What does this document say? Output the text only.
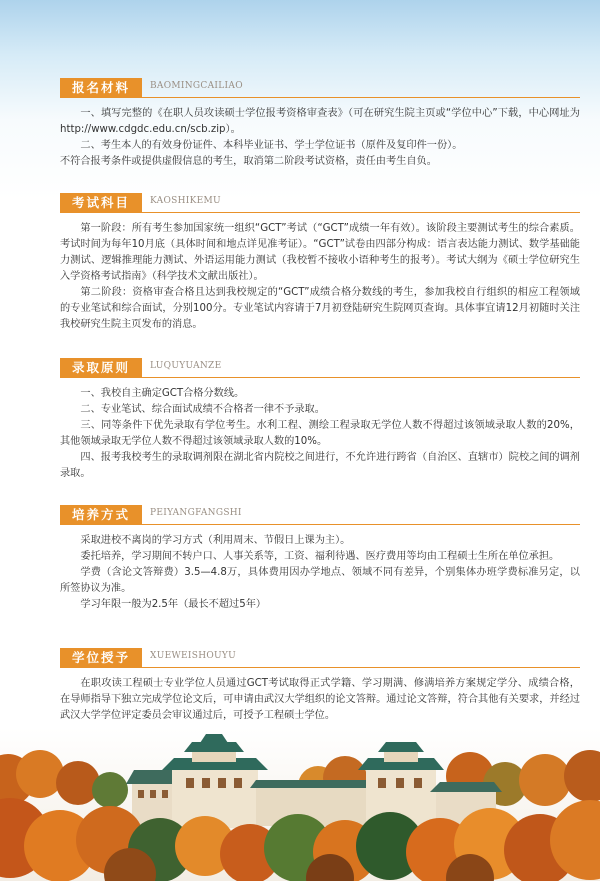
报名材料	BAOMINGCAILIAO

一、填写完整的《在职人员攻读硕士学位报考资格审查表》（可在研究生院主页或“学位中心”下载，中心网址为http://www.cdgdc.edu.cn/scb.zip）。

二、考生本人的有效身份证件、本科毕业证书、学士学位证书（原件及复印件一份）。

不符合报考条件或提供虚假信息的考生，取消第二阶段考试资格，责任由考生自负。

考试科目	KAOSHIKEMU

第一阶段：所有考生参加国家统一组织“GCT”考试（“GCT”成绩一年有效）。该阶段主要测试考生的综合素质。考试时间为每年10月底（具体时间和地点详见准考证）。“GCT”试卷由四部分构成：语言表达能力测试、数学基础能力测试、逻辑推理能力测试、外语运用能力测试（我校暂不接收小语种考生的报考）。考试大纲为《硕士学位研究生入学资格考试指南》（科学技术文献出版社）。

第二阶段：资格审查合格且达到我校规定的“GCT”成绩合格分数线的考生，参加我校自行组织的相应工程领域的专业笔试和综合面试，分别100分。专业笔试内容请于7月初登陆研究生院网页查询。具体事宜请12月初随时关注我校研究生院主页发布的消息。

录取原则	LUQUYUANZE

一、我校自主确定GCT合格分数线。

二、专业笔试、综合面试成绩不合格者一律不予录取。

三、同等条件下优先录取有学位考生。水利工程、测绘工程录取无学位人数不得超过该领域录取人数的20%，其他领域录取无学位人数不得超过该领域录取人数的10%。

四、报考我校考生的录取调剂限在湖北省内院校之间进行，不允许进行跨省（自治区、直辖市）院校之间的调剂录取。

培养方式	PEIYANGFANGSHI

采取进校不离岗的学习方式（利用周末、节假日上课为主）。

委托培养，学习期间不转户口、人事关系等，工资、福利待遇、医疗费用等均由工程硕士生所在单位承担。

学费（含论文答辩费）3.5—4.8万，具体费用因办学地点、领域不同有差异，个别集体办班学费标准另定，以所签协议为准。

学习年限一般为2.5年（最长不超过5年）

学位授予	XUEWEISHOUYU

在职攻读工程硕士专业学位人员通过GCT考试取得正式学籍、学习期满、修满培养方案规定学分、成绩合格，在导师指导下独立完成学位论文后，可申请由武汉大学组织的论文答辩。通过论文答辩，符合其他有关要求，并经过武汉大学学位评定委员会审议通过后，可授予工程硕士学位。
